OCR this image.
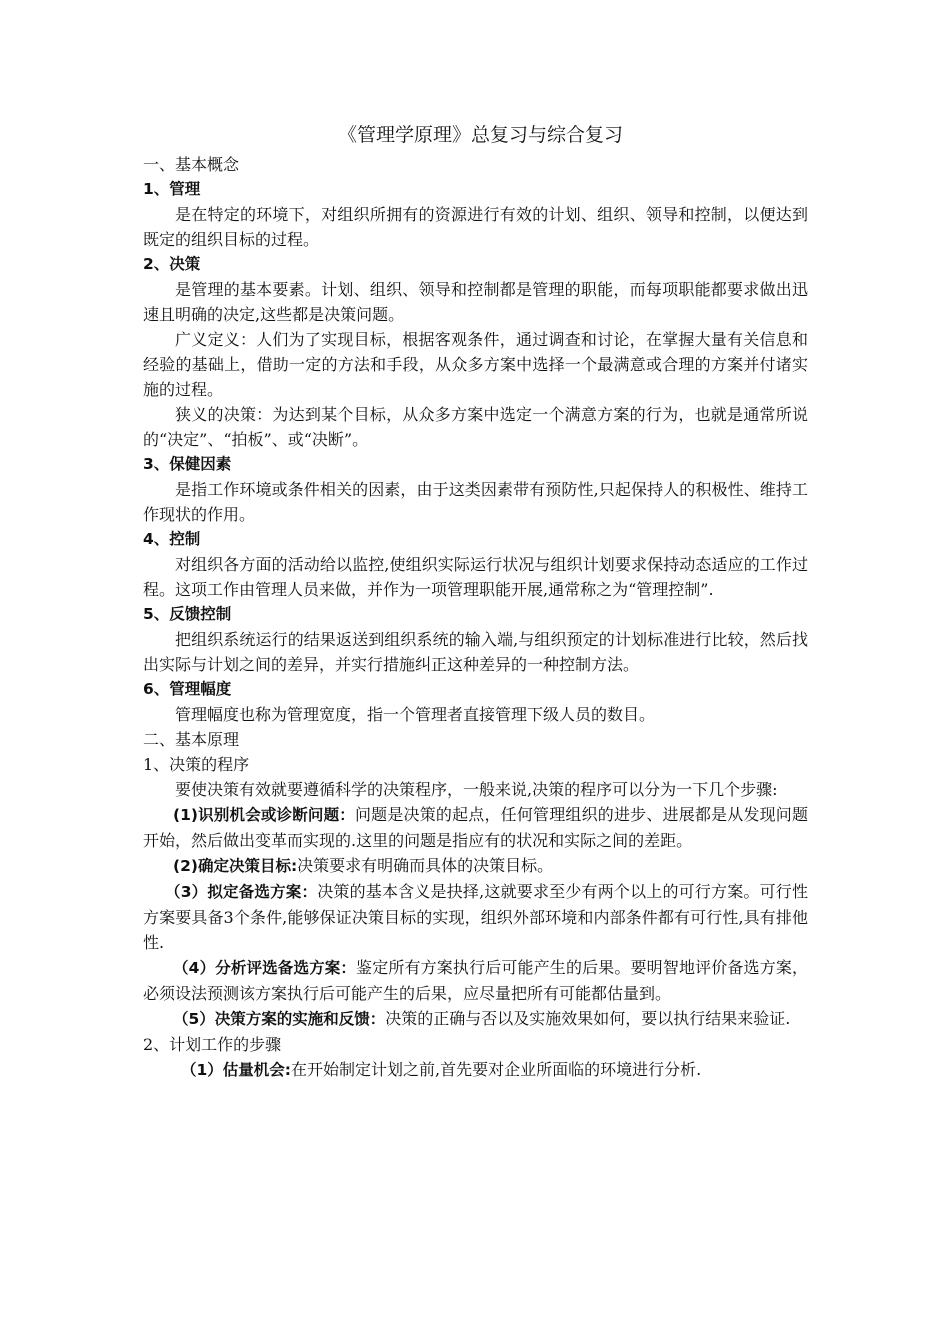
《管理学原理》总复习与综合复习
一、基本概念
1、管理
是在特定的环境下，对组织所拥有的资源进行有效的计划、组织、领导和控制，以便达到既定的组织目标的过程。
2、决策
是管理的基本要素。计划、组织、领导和控制都是管理的职能，而每项职能都要求做出迅速且明确的决定,这些都是决策问题。
广义定义：人们为了实现目标，根据客观条件，通过调查和讨论，在掌握大量有关信息和经验的基础上，借助一定的方法和手段，从众多方案中选择一个最满意或合理的方案并付诸实施的过程。
狭义的决策：为达到某个目标，从众多方案中选定一个满意方案的行为，也就是通常所说的“决定”、“拍板”、或“决断”。
3、保健因素
是指工作环境或条件相关的因素，由于这类因素带有预防性,只起保持人的积极性、维持工作现状的作用。
4、控制
对组织各方面的活动给以监控,使组织实际运行状况与组织计划要求保持动态适应的工作过程。这项工作由管理人员来做，并作为一项管理职能开展,通常称之为“管理控制”.
5、反馈控制
把组织系统运行的结果返送到组织系统的输入端,与组织预定的计划标准进行比较，然后找出实际与计划之间的差异，并实行措施纠正这种差异的一种控制方法。
6、管理幅度
管理幅度也称为管理宽度，指一个管理者直接管理下级人员的数目。
二、基本原理
1、决策的程序
要使决策有效就要遵循科学的决策程序，一般来说,决策的程序可以分为一下几个步骤:
(1)识别机会或诊断问题：问题是决策的起点，任何管理组织的进步、进展都是从发现问题开始，然后做出变革而实现的.这里的问题是指应有的状况和实际之间的差距。
(2)确定决策目标:决策要求有明确而具体的决策目标。
（3）拟定备选方案：决策的基本含义是抉择,这就要求至少有两个以上的可行方案。可行性方案要具备3个条件,能够保证决策目标的实现，组织外部环境和内部条件都有可行性,具有排他性.
（4）分析评选备选方案：鉴定所有方案执行后可能产生的后果。要明智地评价备选方案，必须设法预测该方案执行后可能产生的后果，应尽量把所有可能都估量到。
（5）决策方案的实施和反馈：决策的正确与否以及实施效果如何，要以执行结果来验证.
2、计划工作的步骤
（1）估量机会:在开始制定计划之前,首先要对企业所面临的环境进行分析.
